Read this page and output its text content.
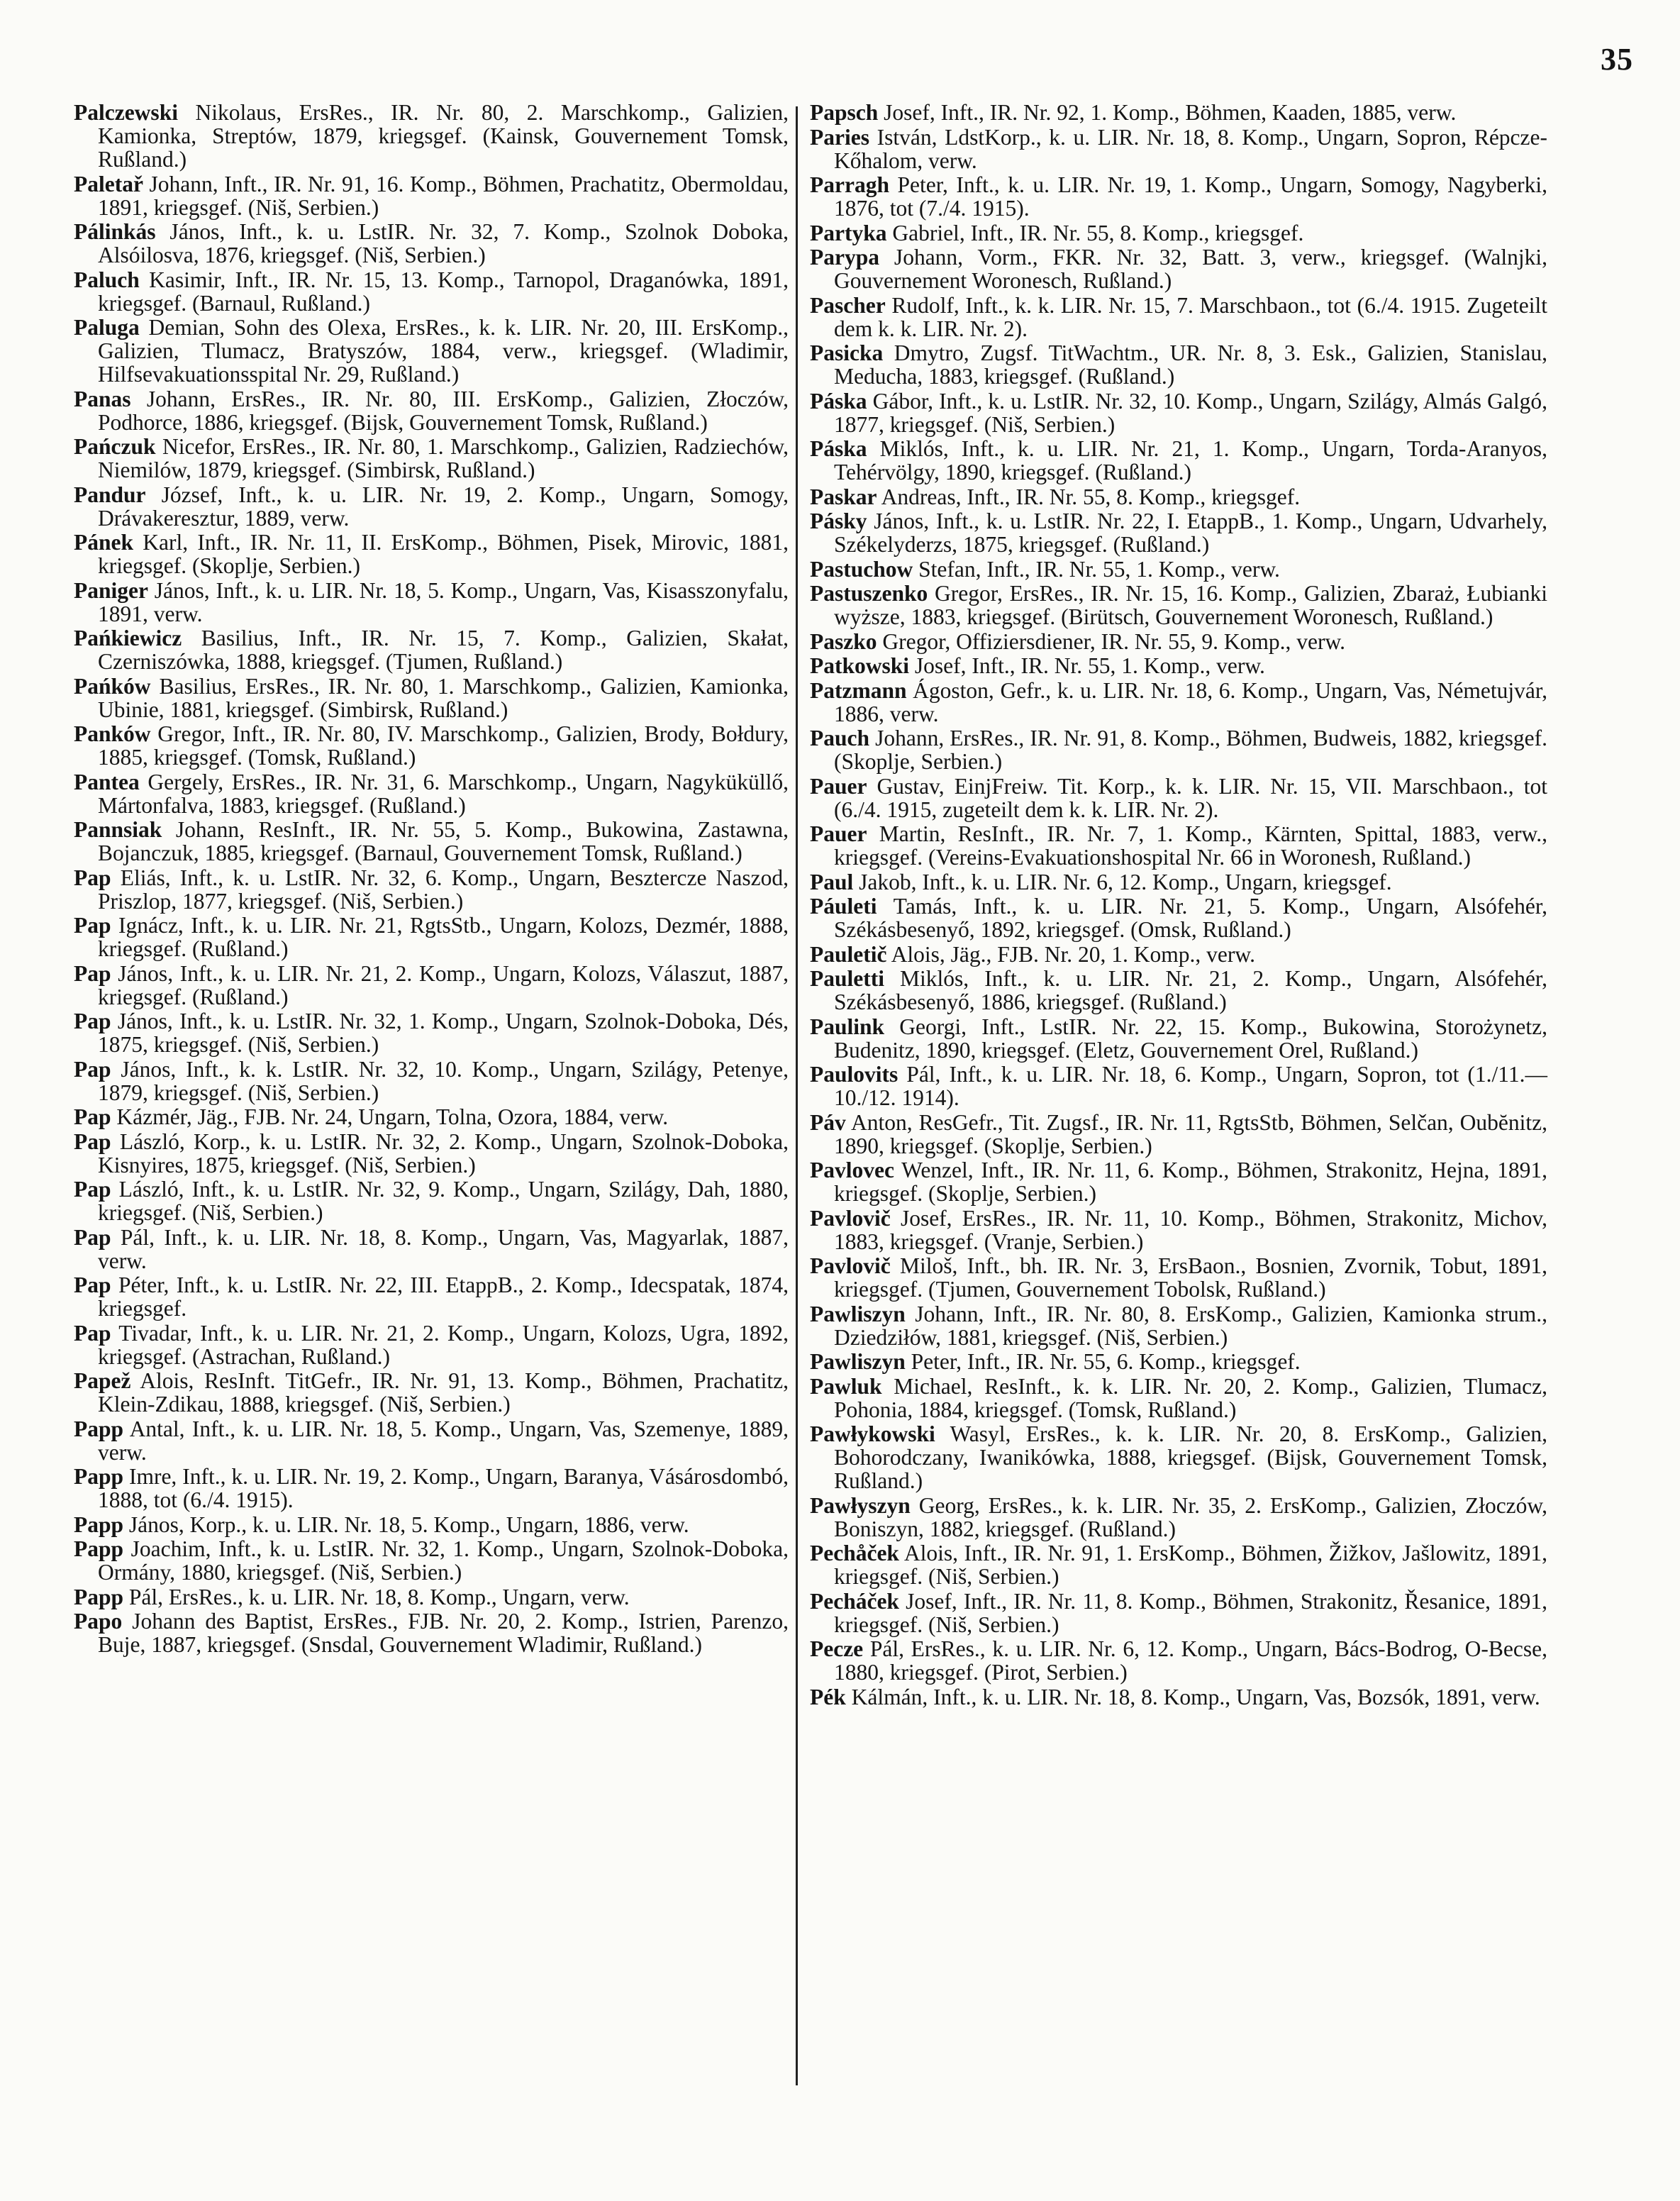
35

Palczewski Nikolaus, ErsRes., IR. Nr. 80, 2. Marschkomp., Galizien, Kamionka, Streptów, 1879, kriegsgef. (Kainsk, Gouvernement Tomsk, Rußland.)

Paletař Johann, Inft., IR. Nr. 91, 16. Komp., Böhmen, Prachatitz, Obermoldau, 1891, kriegsgef. (Niš, Serbien.)

Pálinkás János, Inft., k. u. LstIR. Nr. 32, 7. Komp., Szolnok Doboka, Alsóilosva, 1876, kriegsgef. (Niš, Serbien.)

Paluch Kasimir, Inft., IR. Nr. 15, 13. Komp., Tarnopol, Draganówka, 1891, kriegsgef. (Barnaul, Rußland.)

Paluga Demian, Sohn des Olexa, ErsRes., k. k. LIR. Nr. 20, III. ErsKomp., Galizien, Tlumacz, Bratyszów, 1884, verw., kriegsgef. (Wladimir, Hilfsevakuationsspital Nr. 29, Rußland.)

Panas Johann, ErsRes., IR. Nr. 80, III. ErsKomp., Galizien, Złoczów, Podhorce, 1886, kriegsgef. (Bijsk, Gouvernement Tomsk, Rußland.)

Pańczuk Nicefor, ErsRes., IR. Nr. 80, 1. Marschkomp., Galizien, Radziechów, Niemilów, 1879, kriegsgef. (Simbirsk, Rußland.)

Pandur József, Inft., k. u. LIR. Nr. 19, 2. Komp., Ungarn, Somogy, Drávakeresztur, 1889, verw.

Pánek Karl, Inft., IR. Nr. 11, II. ErsKomp., Böhmen, Pisek, Mirovic, 1881, kriegsgef. (Skoplje, Serbien.)

Paniger János, Inft., k. u. LIR. Nr. 18, 5. Komp., Ungarn, Vas, Kisasszonyfalu, 1891, verw.

Pańkiewicz Basilius, Inft., IR. Nr. 15, 7. Komp., Galizien, Skałat, Czerniszówka, 1888, kriegsgef. (Tjumen, Rußland.)

Pańków Basilius, ErsRes., IR. Nr. 80, 1. Marschkomp., Galizien, Kamionka, Ubinie, 1881, kriegsgef. (Simbirsk, Rußland.)

Panków Gregor, Inft., IR. Nr. 80, IV. Marschkomp., Galizien, Brody, Bołdury, 1885, kriegsgef. (Tomsk, Rußland.)

Pantea Gergely, ErsRes., IR. Nr. 31, 6. Marschkomp., Ungarn, Nagyküküllő, Mártonfalva, 1883, kriegsgef. (Rußland.)

Pannsiak Johann, ResInft., IR. Nr. 55, 5. Komp., Bukowina, Zastawna, Bojanczuk, 1885, kriegsgef. (Barnaul, Gouvernement Tomsk, Rußland.)

Pap Eliás, Inft., k. u. LstIR. Nr. 32, 6. Komp., Ungarn, Besztercze Naszod, Priszlop, 1877, kriegsgef. (Niš, Serbien.)

Pap Ignácz, Inft., k. u. LIR. Nr. 21, RgtsStb., Ungarn, Kolozs, Dezmér, 1888, kriegsgef. (Rußland.)

Pap János, Inft., k. u. LIR. Nr. 21, 2. Komp., Ungarn, Kolozs, Válaszut, 1887, kriegsgef. (Rußland.)

Pap János, Inft., k. u. LstIR. Nr. 32, 1. Komp., Ungarn, Szolnok-Doboka, Dés, 1875, kriegsgef. (Niš, Serbien.)

Pap János, Inft., k. k. LstIR. Nr. 32, 10. Komp., Ungarn, Szilágy, Petenye, 1879, kriegsgef. (Niš, Serbien.)

Pap Kázmér, Jäg., FJB. Nr. 24, Ungarn, Tolna, Ozora, 1884, verw.

Pap László, Korp., k. u. LstIR. Nr. 32, 2. Komp., Ungarn, Szolnok-Doboka, Kisnyires, 1875, kriegsgef. (Niš, Serbien.)

Pap László, Inft., k. u. LstIR. Nr. 32, 9. Komp., Ungarn, Szilágy, Dah, 1880, kriegsgef. (Niš, Serbien.)

Pap Pál, Inft., k. u. LIR. Nr. 18, 8. Komp., Ungarn, Vas, Magyarlak, 1887, verw.

Pap Péter, Inft., k. u. LstIR. Nr. 22, III. EtappB., 2. Komp., Idecspatak, 1874, kriegsgef.

Pap Tivadar, Inft., k. u. LIR. Nr. 21, 2. Komp., Ungarn, Kolozs, Ugra, 1892, kriegsgef. (Astrachan, Rußland.)

Papež Alois, ResInft. TitGefr., IR. Nr. 91, 13. Komp., Böhmen, Prachatitz, Klein-Zdikau, 1888, kriegsgef. (Niš, Serbien.)

Papp Antal, Inft., k. u. LIR. Nr. 18, 5. Komp., Ungarn, Vas, Szemenye, 1889, verw.

Papp Imre, Inft., k. u. LIR. Nr. 19, 2. Komp., Ungarn, Baranya, Vásárosdombó, 1888, tot (6./4. 1915).

Papp János, Korp., k. u. LIR. Nr. 18, 5. Komp., Ungarn, 1886, verw.

Papp Joachim, Inft., k. u. LstIR. Nr. 32, 1. Komp., Ungarn, Szolnok-Doboka, Ormány, 1880, kriegsgef. (Niš, Serbien.)

Papp Pál, ErsRes., k. u. LIR. Nr. 18, 8. Komp., Ungarn, verw.

Papo Johann des Baptist, ErsRes., FJB. Nr. 20, 2. Komp., Istrien, Parenzo, Buje, 1887, kriegsgef. (Snsdal, Gouvernement Wladimir, Rußland.)

Papsch Josef, Inft., IR. Nr. 92, 1. Komp., Böhmen, Kaaden, 1885, verw.

Paries István, LdstKorp., k. u. LIR. Nr. 18, 8. Komp., Ungarn, Sopron, Répcze-Kőhalom, verw.

Parragh Peter, Inft., k. u. LIR. Nr. 19, 1. Komp., Ungarn, Somogy, Nagyberki, 1876, tot (7./4. 1915).

Partyka Gabriel, Inft., IR. Nr. 55, 8. Komp., kriegsgef.

Parypa Johann, Vorm., FKR. Nr. 32, Batt. 3, verw., kriegsgef. (Walnjki, Gouvernement Woronesch, Rußland.)

Pascher Rudolf, Inft., k. k. LIR. Nr. 15, 7. Marschbaon., tot (6./4. 1915. Zugeteilt dem k. k. LIR. Nr. 2).

Pasicka Dmytro, Zugsf. TitWachtm., UR. Nr. 8, 3. Esk., Galizien, Stanislau, Meducha, 1883, kriegsgef. (Rußland.)

Páska Gábor, Inft., k. u. LstIR. Nr. 32, 10. Komp., Ungarn, Szilágy, Almás Galgó, 1877, kriegsgef. (Niš, Serbien.)

Páska Miklós, Inft., k. u. LIR. Nr. 21, 1. Komp., Ungarn, Torda-Aranyos, Tehérvölgy, 1890, kriegsgef. (Rußland.)

Paskar Andreas, Inft., IR. Nr. 55, 8. Komp., kriegsgef.

Pásky János, Inft., k. u. LstIR. Nr. 22, I. EtappB., 1. Komp., Ungarn, Udvarhely, Székelyderzs, 1875, kriegsgef. (Rußland.)

Pastuchow Stefan, Inft., IR. Nr. 55, 1. Komp., verw.

Pastuszenko Gregor, ErsRes., IR. Nr. 15, 16. Komp., Galizien, Zbaraż, Łubianki wyższe, 1883, kriegsgef. (Birütsch, Gouvernement Woronesch, Rußland.)

Paszko Gregor, Offiziersdiener, IR. Nr. 55, 9. Komp., verw.

Patkowski Josef, Inft., IR. Nr. 55, 1. Komp., verw.

Patzmann Ágoston, Gefr., k. u. LIR. Nr. 18, 6. Komp., Ungarn, Vas, Németujvár, 1886, verw.

Pauch Johann, ErsRes., IR. Nr. 91, 8. Komp., Böhmen, Budweis, 1882, kriegsgef. (Skoplje, Serbien.)

Pauer Gustav, EinjFreiw. Tit. Korp., k. k. LIR. Nr. 15, VII. Marschbaon., tot (6./4. 1915, zugeteilt dem k. k. LIR. Nr. 2).

Pauer Martin, ResInft., IR. Nr. 7, 1. Komp., Kärnten, Spittal, 1883, verw., kriegsgef. (Vereins-Evakuationshospital Nr. 66 in Woronesh, Rußland.)

Paul Jakob, Inft., k. u. LIR. Nr. 6, 12. Komp., Ungarn, kriegsgef.

Páuleti Tamás, Inft., k. u. LIR. Nr. 21, 5. Komp., Ungarn, Alsófehér, Székásbesenyő, 1892, kriegsgef. (Omsk, Rußland.)

Pauletič Alois, Jäg., FJB. Nr. 20, 1. Komp., verw.

Pauletti Miklós, Inft., k. u. LIR. Nr. 21, 2. Komp., Ungarn, Alsófehér, Székásbesenyő, 1886, kriegsgef. (Rußland.)

Paulink Georgi, Inft., LstIR. Nr. 22, 15. Komp., Bukowina, Storożynetz, Budenitz, 1890, kriegsgef. (Eletz, Gouvernement Orel, Rußland.)

Paulovits Pál, Inft., k. u. LIR. Nr. 18, 6. Komp., Ungarn, Sopron, tot (1./11.—10./12. 1914).

Páv Anton, ResGefr., Tit. Zugsf., IR. Nr. 11, RgtsStb, Böhmen, Selčan, Oubĕnitz, 1890, kriegsgef. (Skoplje, Serbien.)

Pavlovec Wenzel, Inft., IR. Nr. 11, 6. Komp., Böhmen, Strakonitz, Hejna, 1891, kriegsgef. (Skoplje, Serbien.)

Pavlovič Josef, ErsRes., IR. Nr. 11, 10. Komp., Böhmen, Strakonitz, Michov, 1883, kriegsgef. (Vranje, Serbien.)

Pavlovič Miloš, Inft., bh. IR. Nr. 3, ErsBaon., Bosnien, Zvornik, Tobut, 1891, kriegsgef. (Tjumen, Gouvernement Tobolsk, Rußland.)

Pawliszyn Johann, Inft., IR. Nr. 80, 8. ErsKomp., Galizien, Kamionka strum., Dziedziłów, 1881, kriegsgef. (Niš, Serbien.)

Pawliszyn Peter, Inft., IR. Nr. 55, 6. Komp., kriegsgef.

Pawluk Michael, ResInft., k. k. LIR. Nr. 20, 2. Komp., Galizien, Tlumacz, Pohonia, 1884, kriegsgef. (Tomsk, Rußland.)

Pawłykowski Wasyl, ErsRes., k. k. LIR. Nr. 20, 8. ErsKomp., Galizien, Bohorodczany, Iwanikówka, 1888, kriegsgef. (Bijsk, Gouvernement Tomsk, Rußland.)

Pawłyszyn Georg, ErsRes., k. k. LIR. Nr. 35, 2. ErsKomp., Galizien, Złoczów, Boniszyn, 1882, kriegsgef. (Rußland.)

Pechåček Alois, Inft., IR. Nr. 91, 1. ErsKomp., Böhmen, Žižkov, Jašlowitz, 1891, kriegsgef. (Niš, Serbien.)

Pecháček Josef, Inft., IR. Nr. 11, 8. Komp., Böhmen, Strakonitz, Řesanice, 1891, kriegsgef. (Niš, Serbien.)

Pecze Pál, ErsRes., k. u. LIR. Nr. 6, 12. Komp., Ungarn, Bács-Bodrog, O-Becse, 1880, kriegsgef. (Pirot, Serbien.)

Pék Kálmán, Inft., k. u. LIR. Nr. 18, 8. Komp., Ungarn, Vas, Bozsók, 1891, verw.
